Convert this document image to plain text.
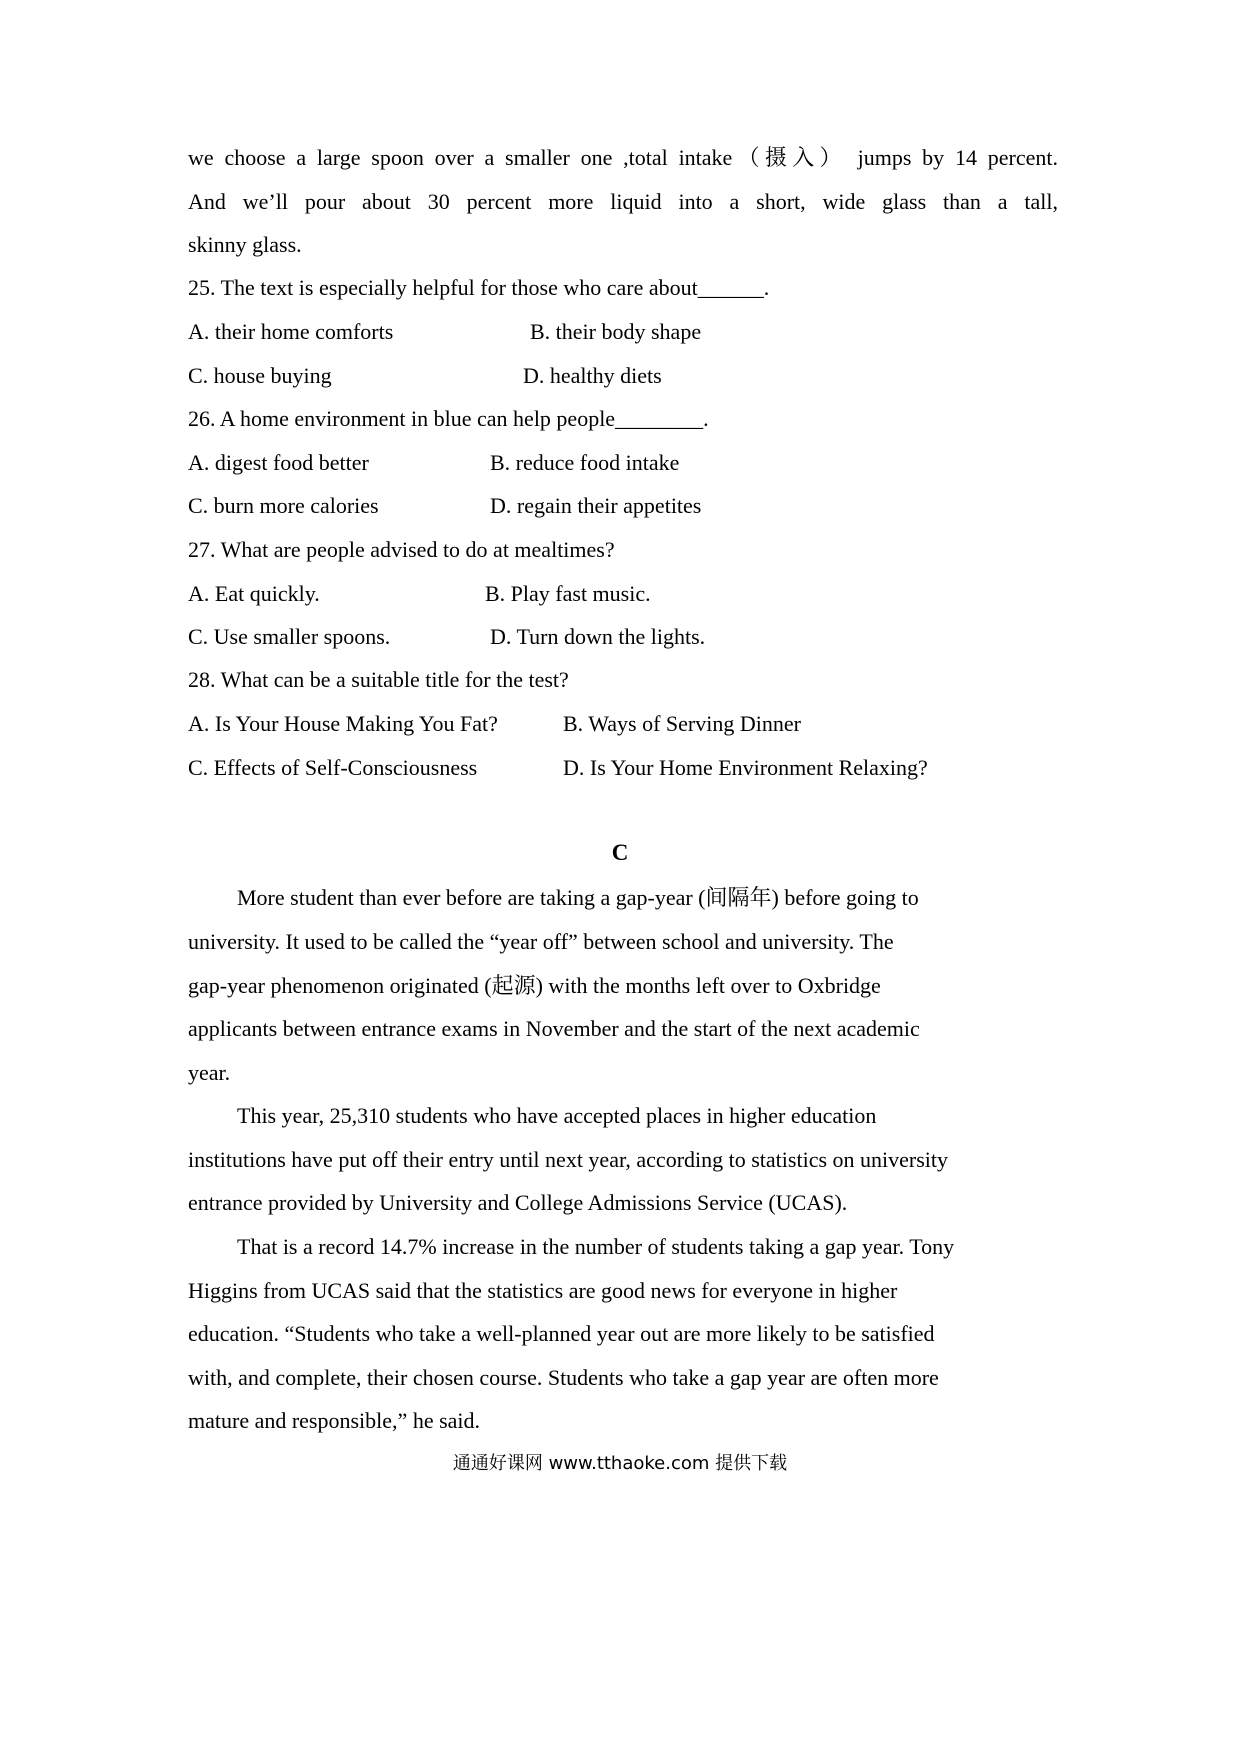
we choose a large spoon over a smaller one ,total intake（摄入） jumps by 14 percent.
And we’ll pour about 30 percent more liquid into a short, wide glass than a tall,
skinny glass.
25. The text is especially helpful for those who care about______.
A. their home comforts	B. their body shape
C. house buying	D. healthy diets
26. A home environment in blue can help people________.
A. digest food better	B. reduce food intake
C. burn more calories	D. regain their appetites
27. What are people advised to do at mealtimes?
A. Eat quickly.	B. Play fast music.
C. Use smaller spoons.	D. Turn down the lights.
28. What can be a suitable title for the test?
A. Is Your House Making You Fat?	B. Ways of Serving Dinner
C. Effects of Self-Consciousness	D. Is Your Home Environment Relaxing?
C
More student than ever before are taking a gap-year (间隔年) before going to
university. It used to be called the “year off” between school and university. The
gap-year phenomenon originated (起源) with the months left over to Oxbridge
applicants between entrance exams in November and the start of the next academic
year.
This year, 25,310 students who have accepted places in higher education
institutions have put off their entry until next year, according to statistics on university
entrance provided by University and College Admissions Service (UCAS).
That is a record 14.7% increase in the number of students taking a gap year. Tony
Higgins from UCAS said that the statistics are good news for everyone in higher
education. “Students who take a well-planned year out are more likely to be satisfied
with, and complete, their chosen course. Students who take a gap year are often more
mature and responsible,” he said.
通通好课网 www.tthaoke.com 提供下载
